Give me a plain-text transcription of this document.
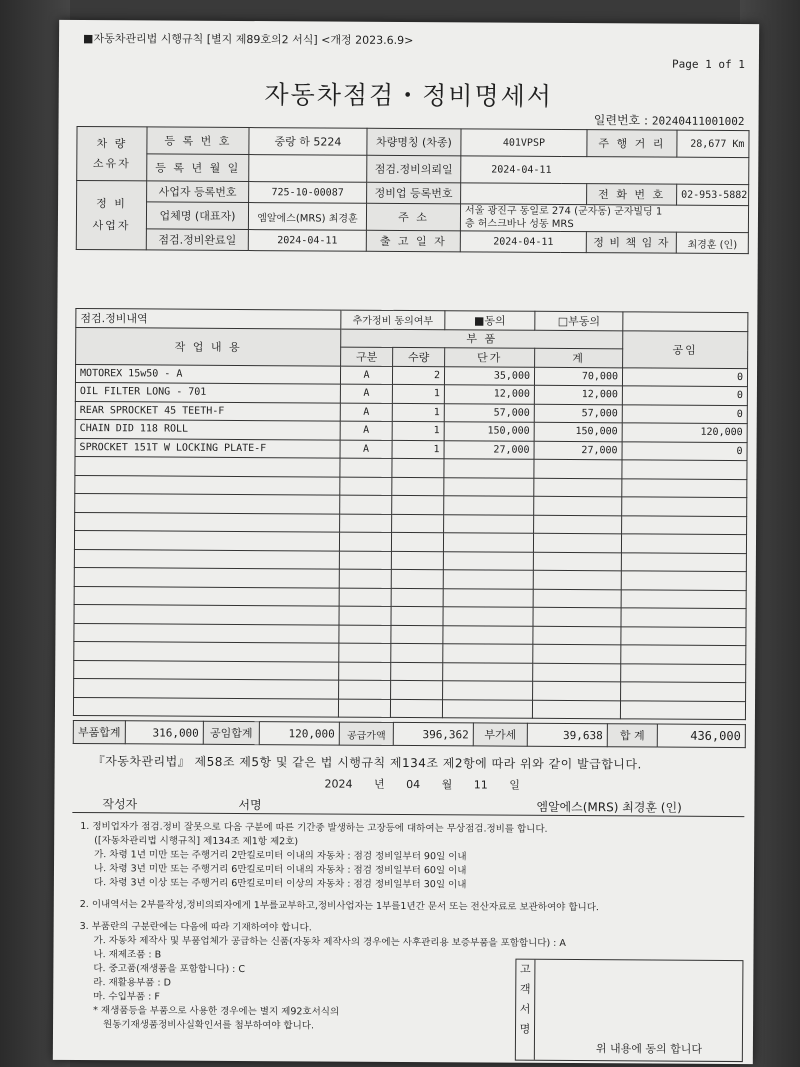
■자동차관리법 시행규칙 [별지 제89호의2 서식] <개정 2023.6.9>
Page 1 of 1
자동차점검・정비명세서
일련번호 : 20240411001002
차 량
소유자	등 록 번 호	중랑 하 5224	차량명칭 (차종)	401VPSP	주 행 거 리	28,677 Km
	등 록 년 월 일		점검.정비의뢰일	2024-04-11		

정 비
사업자	사업자 등록번호	725-10-00087	정비업 등록번호		전 화 번 호	02-953-5882
	업체명 (대표자)	엠알에스(MRS) 최경훈	주 소	서울 광진구 동일로 274 (군자동) 군자빌딩 1
층 허스크바나 성동 MRS		

	점검.정비완료일	2024-04-11	출 고 일 자	2024-04-11	정 비 책 임 자	최경훈 (인)
점검.정비내역	추가정비 동의여부		■동의	□부동의	
작 업 내 용	부 품				공임
	구분	수량	단가	계	
MOTOREX 15w50 - A	A	2	35,000	70,000	0
OIL FILTER LONG - 701	A	1	12,000	12,000	0
REAR SPROCKET 45 TEETH-F	A	1	57,000	57,000	0
CHAIN DID 118 ROLL	A	1	150,000	150,000	120,000
SPROCKET 151T W LOCKING PLATE-F	A	1	27,000	27,000	0

부품합계	316,000	공임합계	120,000	공급가액	396,362	부가세	39,638	합 계	436,000
『자동차관리법』 제58조 제5항 및 같은 법 시행규칙 제134조 제2항에 따라 위와 같이 발급합니다.
2024 년 04 월 11 일
작성자	서명	엠알에스(MRS) 최경훈 (인)
1. 정비업자가 점검.정비 잘못으로 다음 구분에 따른 기간중 발생하는 고장등에 대하여는 무상점검.정비를 합니다.
([자동차관리법 시행규칙] 제134조 제1항 제2호)
가. 차령 1년 미만 또는 주행거리 2만킬로미터 이내의 자동차 : 점검 정비일부터 90일 이내
나. 차령 3년 미만 또는 주행거리 6만킬로미터 이내의 자동차 : 점검 정비일부터 60일 이내
다. 차령 3년 이상 또는 주행거리 6만킬로미터 이상의 자동차 : 점검 정비일부터 30일 이내
2. 이내역서는 2부를작성,정비의뢰자에게 1부를교부하고,정비사업자는 1부를1년간 문서 또는 전산자료로 보관하여야 합니다.
3. 부품란의 구분란에는 다음에 따라 기재하여야 합니다.
가. 자동차 제작사 및 부품업체가 공급하는 신품(자동차 제작사의 경우에는 사후관리용 보증부품을 포함합니다) : A
나. 재제조품 : B
다. 중고품(재생품을 포함합니다) : C
라. 재활용부품 : D
마. 수입부품 : F
* 재생품등을 부품으로 사용한 경우에는 별지 제92호서식의
원동기재생품정비사실확인서를 첨부하여야 합니다.
고
객
서
명
위 내용에 동의 합니다
